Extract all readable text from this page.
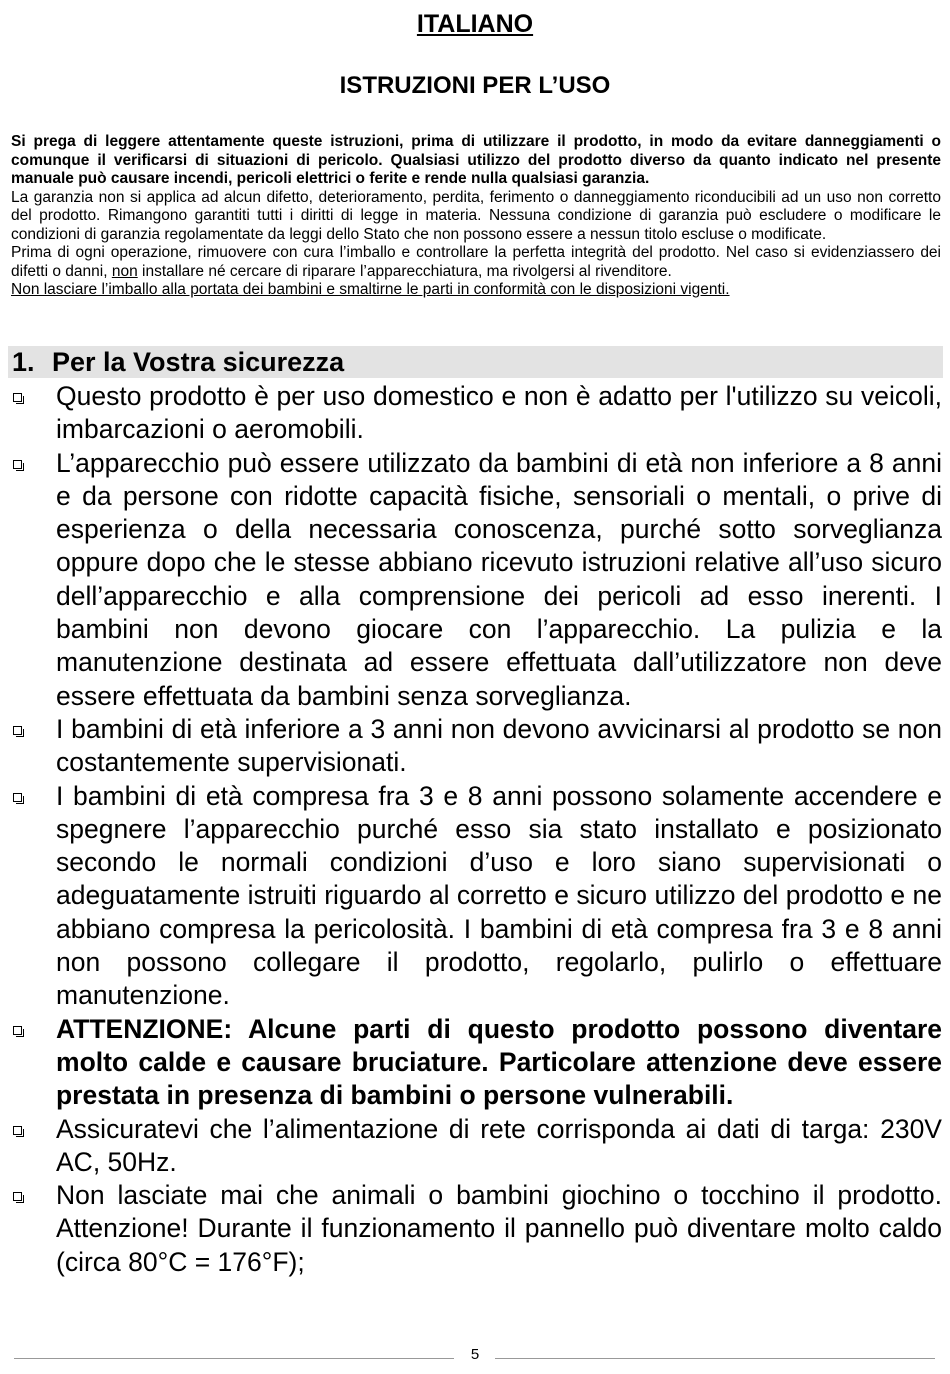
ITALIANO
ISTRUZIONI PER L’USO

Si prega di leggere attentamente queste istruzioni, prima di utilizzare il prodotto, in modo da evitare danneggiamenti o comunque il verificarsi di situazioni di pericolo. Qualsiasi utilizzo del prodotto diverso da quanto indicato nel presente manuale può causare incendi, pericoli elettrici o ferite e rende nulla qualsiasi garanzia.

La garanzia non si applica ad alcun difetto, deterioramento, perdita, ferimento o danneggiamento riconducibili ad un uso non corretto del prodotto. Rimangono garantiti tutti i diritti di legge in materia. Nessuna condizione di garanzia può escludere o modificare le condizioni di garanzia regolamentate da leggi dello Stato che non possono essere a nessun titolo escluse o modificate.

Prima di ogni operazione, rimuovere con cura l’imballo e controllare la perfetta integrità del prodotto. Nel caso si evidenziassero dei difetti o danni, non installare né cercare di riparare l’apparecchiatura, ma rivolgersi al rivenditore.

Non lasciare l’imballo alla portata dei bambini e smaltirne le parti in conformità con le disposizioni vigenti.

1. Per la Vostra sicurezza
Questo prodotto è per uso domestico e non è adatto per l'utilizzo su veicoli, imbarcazioni o aeromobili.
L’apparecchio può essere utilizzato da bambini di età non inferiore a 8 anni e da persone con ridotte capacità fisiche, sensoriali o mentali, o prive di esperienza o della necessaria conoscenza, purché sotto sorveglianza oppure dopo che le stesse abbiano ricevuto istruzioni relative all’uso sicuro dell’apparecchio e alla comprensione dei pericoli ad esso inerenti. I bambini non devono giocare con l’apparecchio. La pulizia e la manutenzione destinata ad essere effettuata dall’utilizzatore non deve essere effettuata da bambini senza sorveglianza.
I bambini di età inferiore a 3 anni non devono avvicinarsi al prodotto se non costantemente supervisionati.
I bambini di età compresa fra 3 e 8 anni possono solamente accendere e spegnere l’apparecchio purché esso sia stato installato e posizionato secondo le normali condizioni d’uso e loro siano supervisionati o adeguatamente istruiti riguardo al corretto e sicuro utilizzo del prodotto e ne abbiano compresa la pericolosità. I bambini di età compresa fra 3 e 8 anni non possono collegare il prodotto, regolarlo, pulirlo o effettuare manutenzione.
ATTENZIONE: Alcune parti di questo prodotto possono diventare molto calde e causare bruciature. Particolare attenzione deve essere prestata in presenza di bambini o persone vulnerabili.
Assicuratevi che l’alimentazione di rete corrisponda ai dati di targa: 230V AC, 50Hz.
Non lasciate mai che animali o bambini giochino o tocchino il prodotto. Attenzione! Durante il funzionamento il pannello può diventare molto caldo (circa 80°C = 176°F);
5
